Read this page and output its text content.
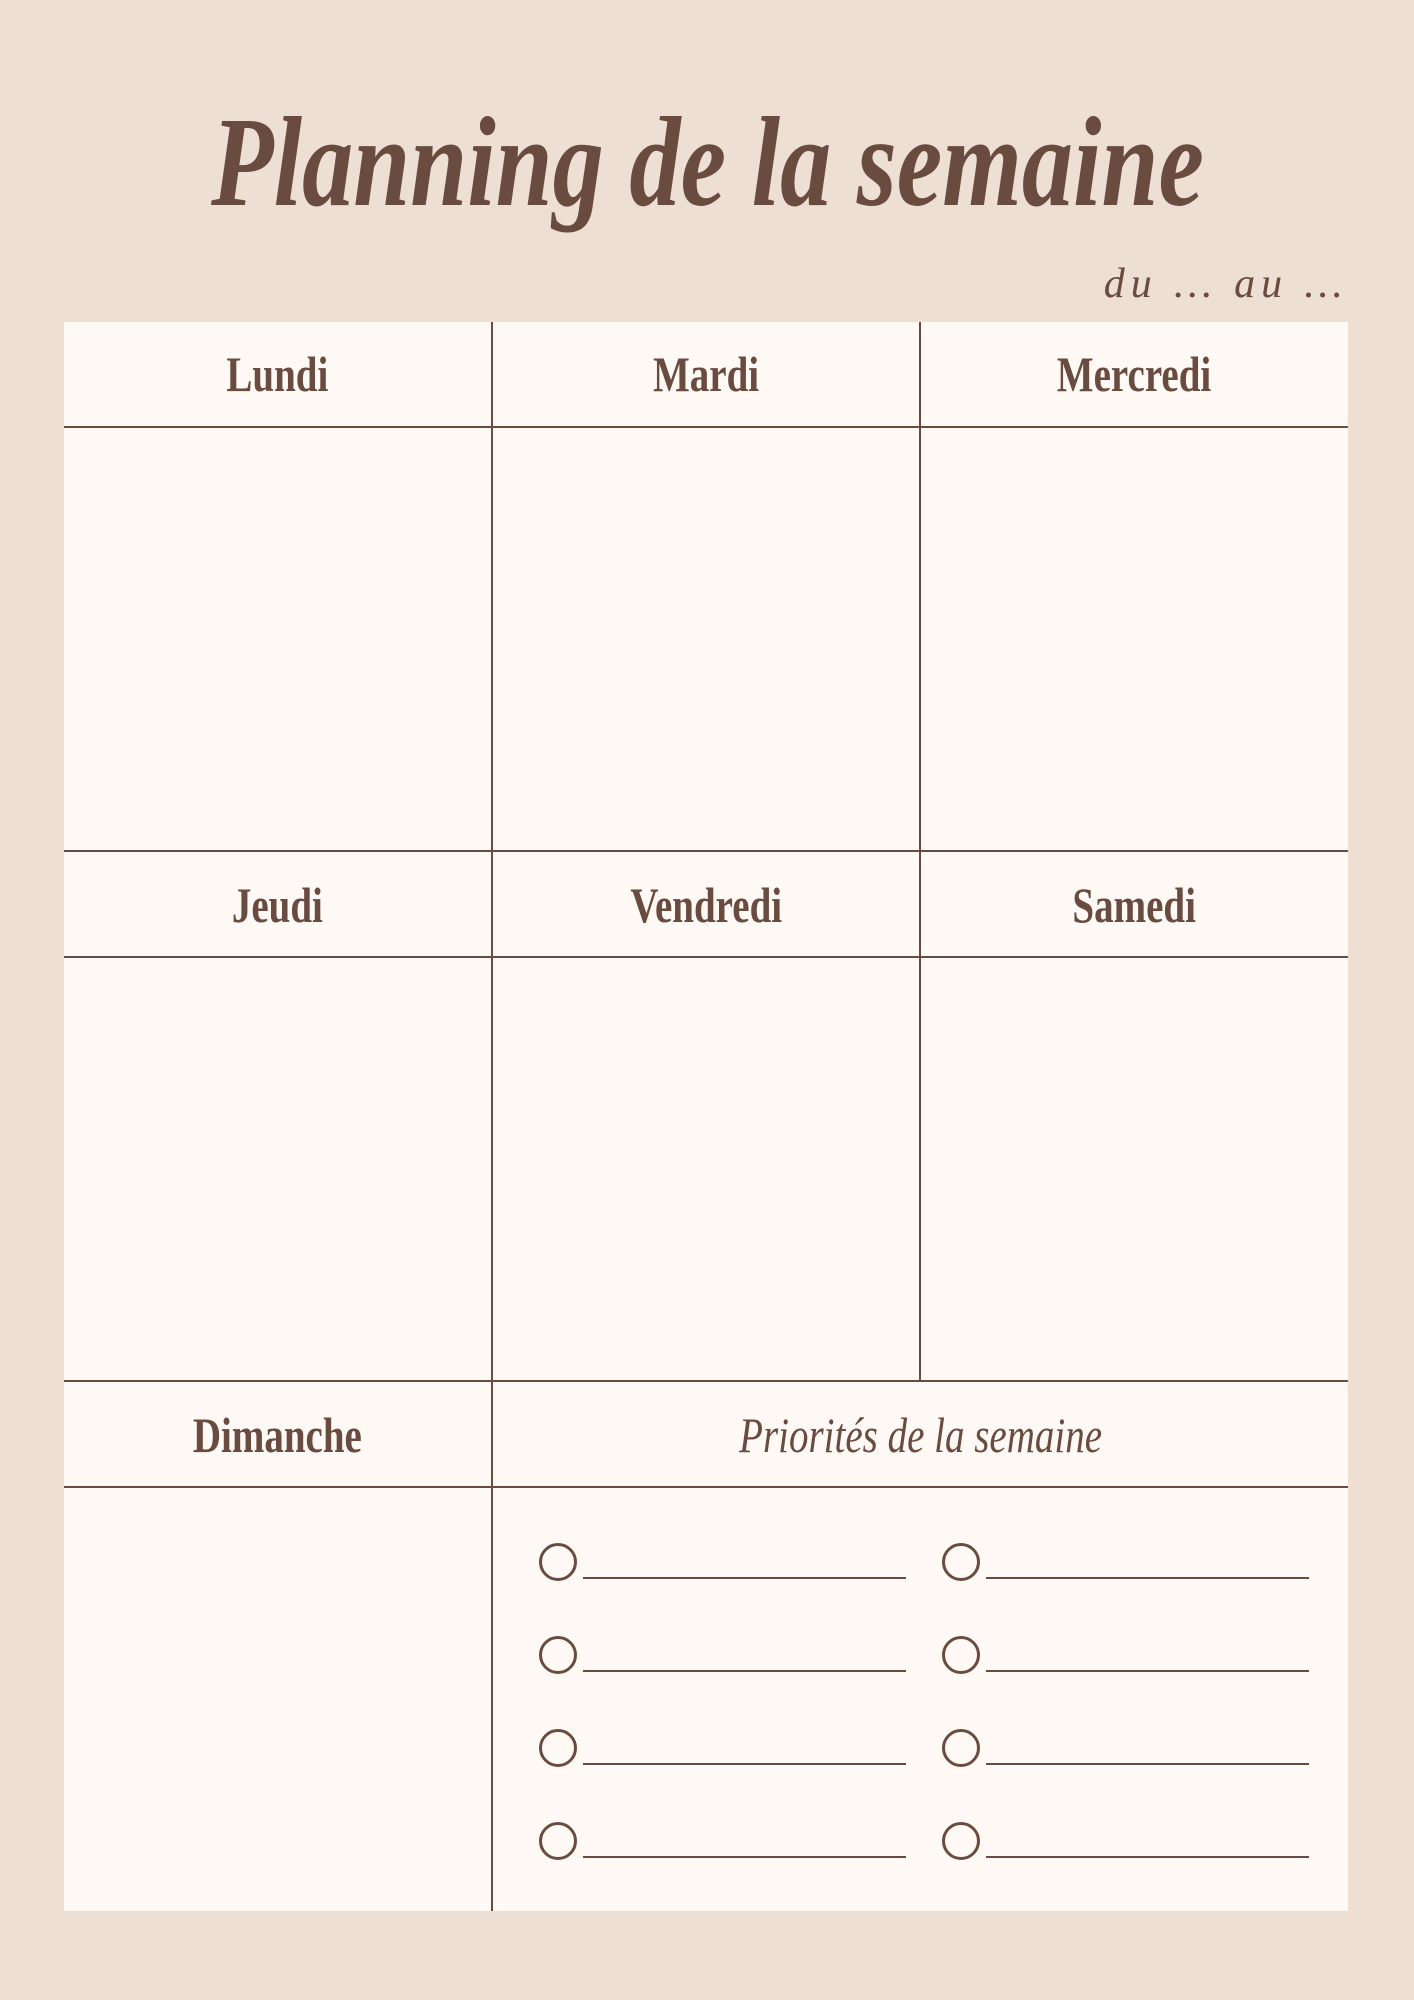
Planning de la semaine
du … au …
Lundi	Mardi	Mercredi
Jeudi	Vendredi	Samedi
Dimanche	Priorités de la semaine
